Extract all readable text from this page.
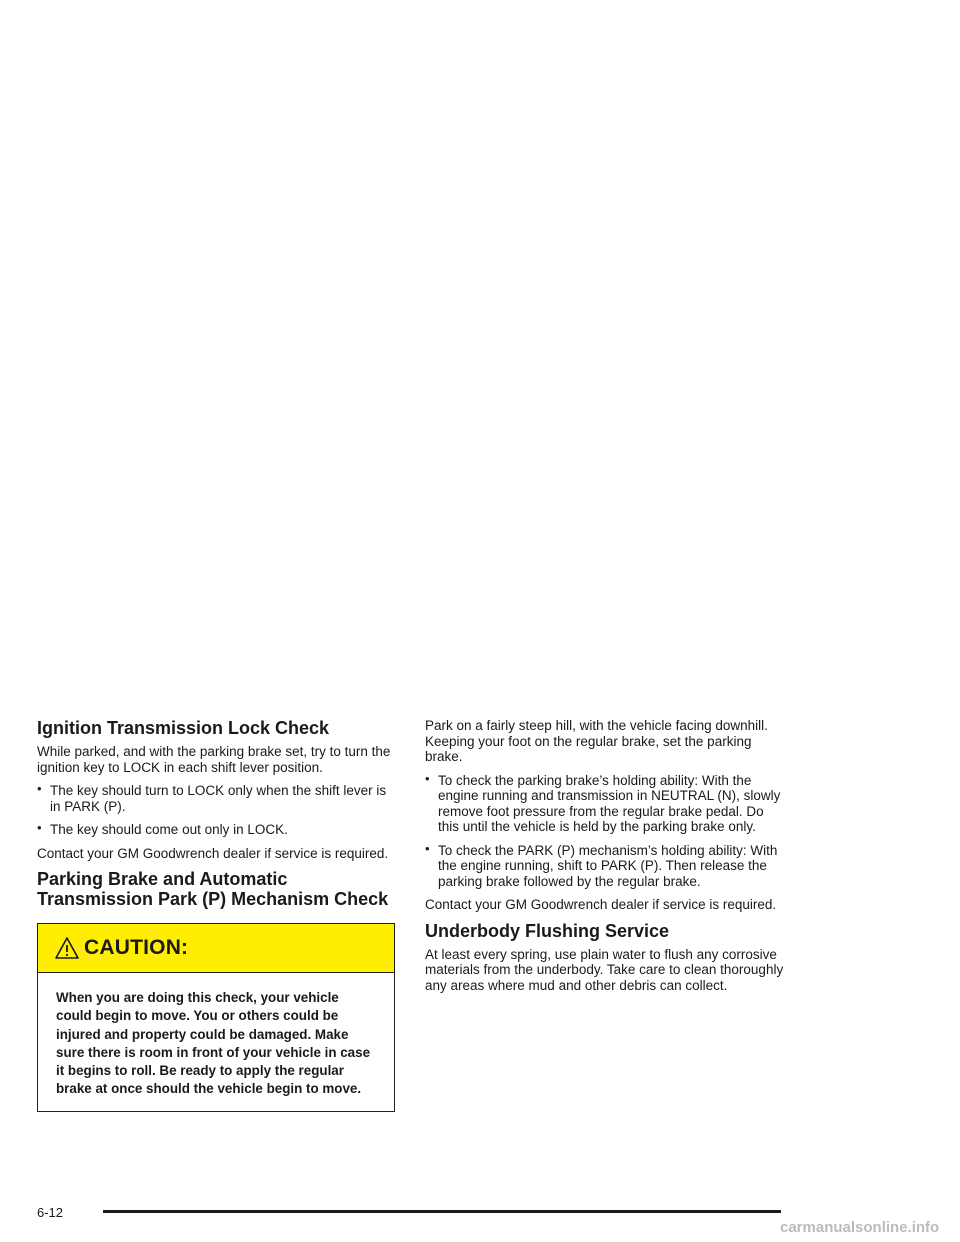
Ignition Transmission Lock Check

While parked, and with the parking brake set, try to turn the ignition key to LOCK in each shift lever position.

• The key should turn to LOCK only when the shift lever is in PARK (P).
• The key should come out only in LOCK.

Contact your GM Goodwrench dealer if service is required.

Parking Brake and Automatic
Transmission Park (P) Mechanism Check
CAUTION:
When you are doing this check, your vehicle could begin to move. You or others could be injured and property could be damaged. Make sure there is room in front of your vehicle in case it begins to roll. Be ready to apply the regular brake at once should the vehicle begin to move.

Park on a fairly steep hill, with the vehicle facing downhill. Keeping your foot on the regular brake, set the parking brake.

• To check the parking brake’s holding ability: With the engine running and transmission in NEUTRAL (N), slowly remove foot pressure from the regular brake pedal. Do this until the vehicle is held by the parking brake only.
• To check the PARK (P) mechanism’s holding ability: With the engine running, shift to PARK (P). Then release the parking brake followed by the regular brake.

Contact your GM Goodwrench dealer if service is required.

Underbody Flushing Service

At least every spring, use plain water to flush any corrosive materials from the underbody. Take care to clean thoroughly any areas where mud and other debris can collect.

6-12
carmanualsonline.info
